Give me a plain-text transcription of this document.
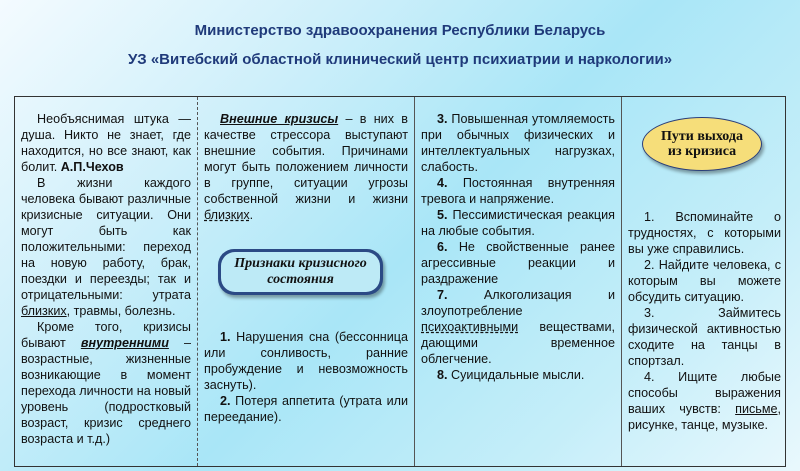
Министерство здравоохранения Республики Беларусь
УЗ «Витебский областной клинический центр психиатрии и наркологии»

Необъяснимая штука — душа. Никто не знает, где находится, но все знают, как болит. А.П.Чехов

В жизни каждого человека бывают различные кризисные ситуации. Они могут быть как положительными: переход на новую работу, брак, поездки и переезды; так и отрицательными: утрата близких, травмы, болезнь.

Кроме того, кризисы бывают внутренними – возрастные, жизненные возникающие в момент перехода личности на новый уровень (подростковый возраст, кризис среднего возраста и т.д.)

Внешние кризисы – в них в качестве стрессора выступают внешние события. Причинами могут быть положением личности в группе, ситуации угрозы собственной жизни и жизни близких.

Признаки кризисного состояния

1. Нарушения сна (бессонница или сонливость, ранние пробуждение и невозможность заснуть).

2. Потеря аппетита (утрата или переедание).

3. Повышенная утомляемость при обычных физических и интеллектуальных нагрузках, слабость.

4. Постоянная внутренняя тревога и напряжение.

5. Пессимистическая реакция на любые события.

6. Не свойственные ранее агрессивные реакции и раздражение

7. Алкоголизация и злоупотребление психоактивными веществами, дающими временное облегчение.

8. Суицидальные мысли.

Пути выхода из кризиса

1. Вспоминайте о трудностях, с которыми вы уже справились.

2. Найдите человека, с которым вы можете обсудить ситуацию.

3. Займитесь физической активностью сходите на танцы в спортзал.

4. Ищите любые способы выражения ваших чувств: письме, рисунке, танце, музыке.
